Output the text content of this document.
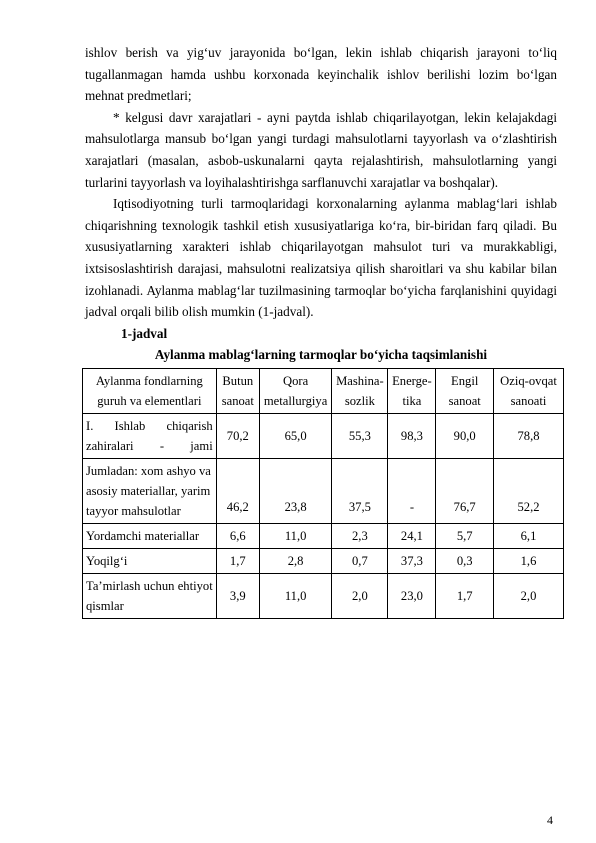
ishlov berish va yig‘uv jarayonida bo‘lgan, lekin ishlab chiqarish jarayoni to‘liq tugallanmagan hamda ushbu korxonada keyinchalik ishlov berilishi lozim bo‘lgan mehnat predmetlari;

* kelgusi davr xarajatlari - ayni paytda ishlab chiqarilayotgan, lekin kelajakdagi mahsulotlarga mansub bo‘lgan yangi turdagi mahsulotlarni tayyorlash va o‘zlashtirish xarajatlari (masalan, asbob-uskunalarni qayta rejalashtirish, mahsulotlarning yangi turlarini tayyorlash va loyihalashtirishga sarflanuvchi xarajatlar va boshqalar).

Iqtisodiyotning turli tarmoqlaridagi korxonalarning aylanma mablag‘lari ishlab chiqarishning texnologik tashkil etish xususiyatlariga ko‘ra, bir-biridan farq qiladi. Bu xususiyatlarning xarakteri ishlab chiqarilayotgan mahsulot turi va murakkabligi, ixtsisoslashtirish darajasi, mahsulotni realizatsiya qilish sharoitlari va shu kabilar bilan izohlanadi. Aylanma mablag‘lar tuzilmasining tarmoqlar bo‘yicha farqlanishini quyidagi jadval orqali bilib olish mumkin (1-jadval).

1-jadval
Aylanma mablag‘larning tarmoqlar bo‘yicha taqsimlanishi
Aylanma fondlarning guruh va elementlari	Butun sanoat	Qora metallurgiya	Mashina-sozlik	Energe-tika	Engil sanoat	Oziq-ovqat sanoati
I. Ishlab chiqarish zahiralari - jami	70,2	65,0	55,3	98,3	90,0	78,8
Jumladan: xom ashyo va asosiy materiallar, yarim tayyor mahsulotlar	46,2	23,8	37,5	-	76,7	52,2
Yordamchi materiallar	6,6	11,0	2,3	24,1	5,7	6,1
Yoqilg‘i	1,7	2,8	0,7	37,3	0,3	1,6
Ta’mirlash uchun ehtiyot qismlar	3,9	11,0	2,0	23,0	1,7	2,0
4
